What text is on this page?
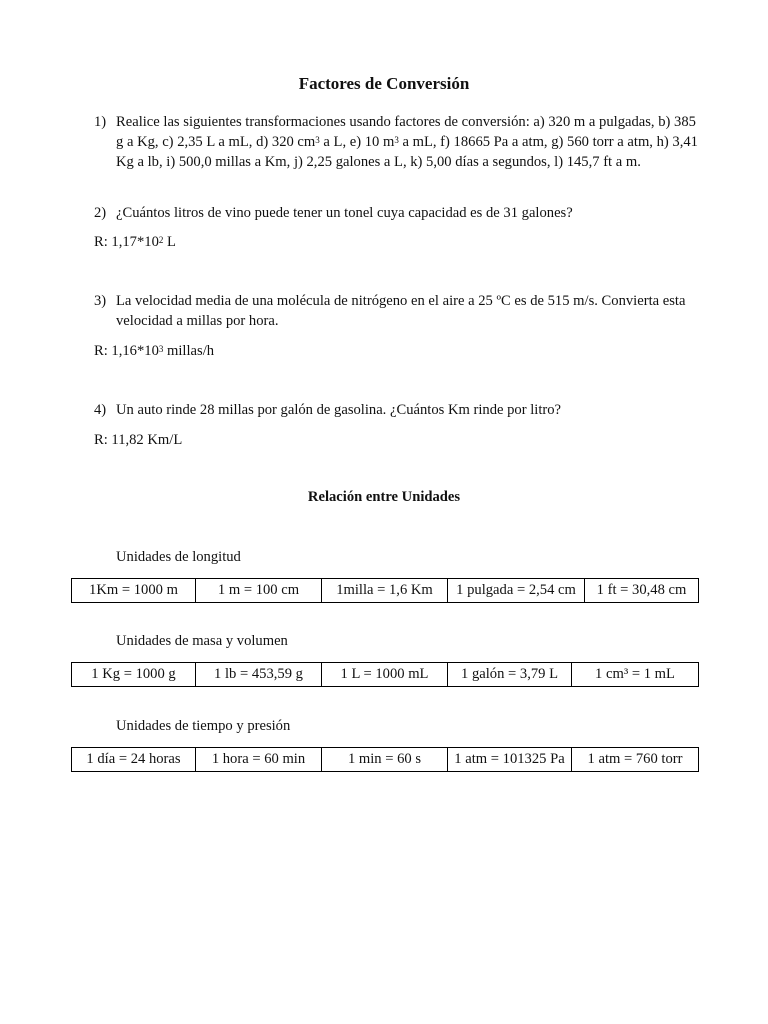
Factores de Conversión
1) Realice las siguientes transformaciones usando factores de conversión: a) 320 m a pulgadas, b) 385 g a Kg, c) 2,35 L a mL, d) 320 $cm^3$ a L, e) 10 $m^3$ a mL, f) 18665 Pa a atm, g) 560 torr a atm, h) 3,41 Kg a lb, i) 500,0 millas a Km, j) 2,25 galones a L, k) 5,00 días a segundos, l) 145,7 ft a m.
2) ¿Cuántos litros de vino puede tener un tonel cuya capacidad es de 31 galones?
R: $1,17*10^2$ L
3) La velocidad media de una molécula de nitrógeno en el aire a 25 ºC es de 515 m/s. Convierta esta velocidad a millas por hora.
R: $1,16*10^3$ millas/h
4) Un auto rinde 28 millas por galón de gasolina. ¿Cuántos Km rinde por litro?
R: 11,82 Km/L
Relación entre Unidades
Unidades de longitud
1Km = 1000 m	1 m = 100 cm	1milla = 1,6 Km	1 pulgada = 2,54 cm	1 ft = 30,48 cm
Unidades de masa y volumen
1 Kg = 1000 g	1 lb = 453,59 g	1 L = 1000 mL	1 galón = 3,79 L	1 cm³ = 1 mL
Unidades de tiempo y presión
1 día = 24 horas	1 hora = 60 min	1 min = 60 s	1 atm = 101325 Pa	1 atm = 760 torr
